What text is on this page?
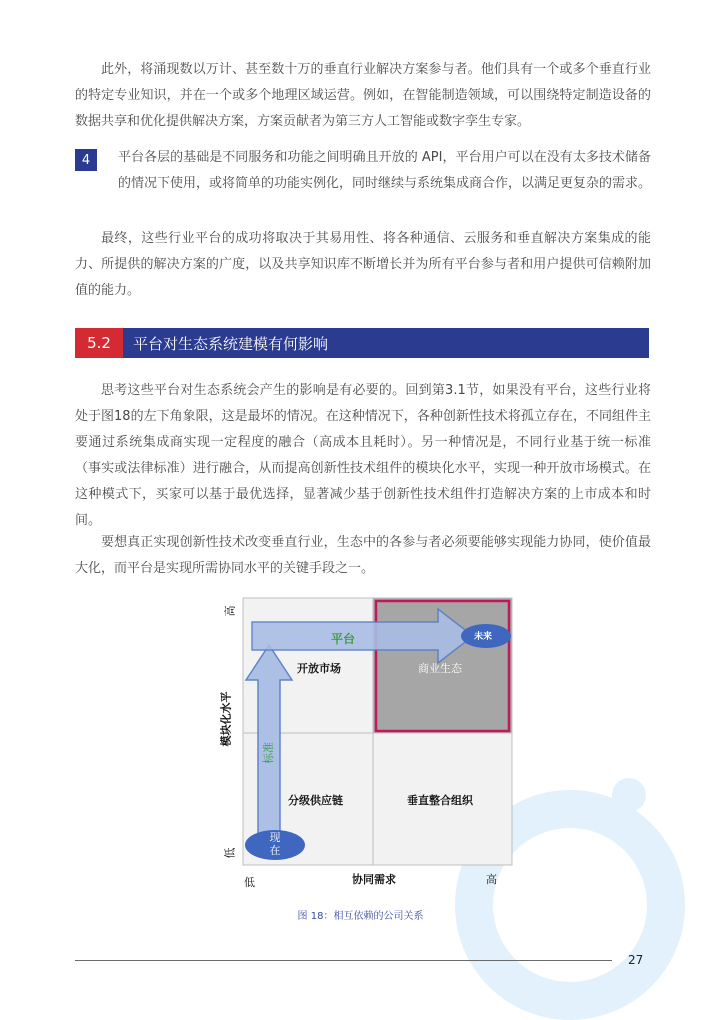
此外，将涌现数以万计、甚至数十万的垂直行业解决方案参与者。他们具有一个或多个垂直行业的特定专业知识，并在一个或多个地理区域运营。例如，在智能制造领域，可以围绕特定制造设备的数据共享和优化提供解决方案，方案贡献者为第三方人工智能或数字孪生专家。

4	平台各层的基础是不同服务和功能之间明确且开放的 API，平台用户可以在没有太多技术储备的情况下使用，或将简单的功能实例化，同时继续与系统集成商合作，以满足更复杂的需求。

最终，这些行业平台的成功将取决于其易用性、将各种通信、云服务和垂直解决方案集成的能力、所提供的解决方案的广度，以及共享知识库不断增长并为所有平台参与者和用户提供可信赖附加值的能力。

5.2	平台对生态系统建模有何影响

思考这些平台对生态系统会产生的影响是有必要的。回到第3.1节，如果没有平台，这些行业将处于图18的左下角象限，这是最坏的情况。在这种情况下，各种创新性技术将孤立存在，不同组件主要通过系统集成商实现一定程度的融合（高成本且耗时）。另一种情况是，不同行业基于统一标准（事实或法律标准）进行融合，从而提高创新性技术组件的模块化水平，实现一种开放市场模式。在这种模式下，买家可以基于最优选择，显著减少基于创新性技术组件打造解决方案的上市成本和时间。

要想真正实现创新性技术改变垂直行业，生态中的各参与者必须要能够实现能力协同，使价值最大化，而平台是实现所需协同水平的关键手段之一。

高
低
模块化水平
低	协同需求	高
平台
标准
开放市场	商业生态
分级供应链	垂直整合组织
现在
未来
图 18：相互依赖的公司关系
27
